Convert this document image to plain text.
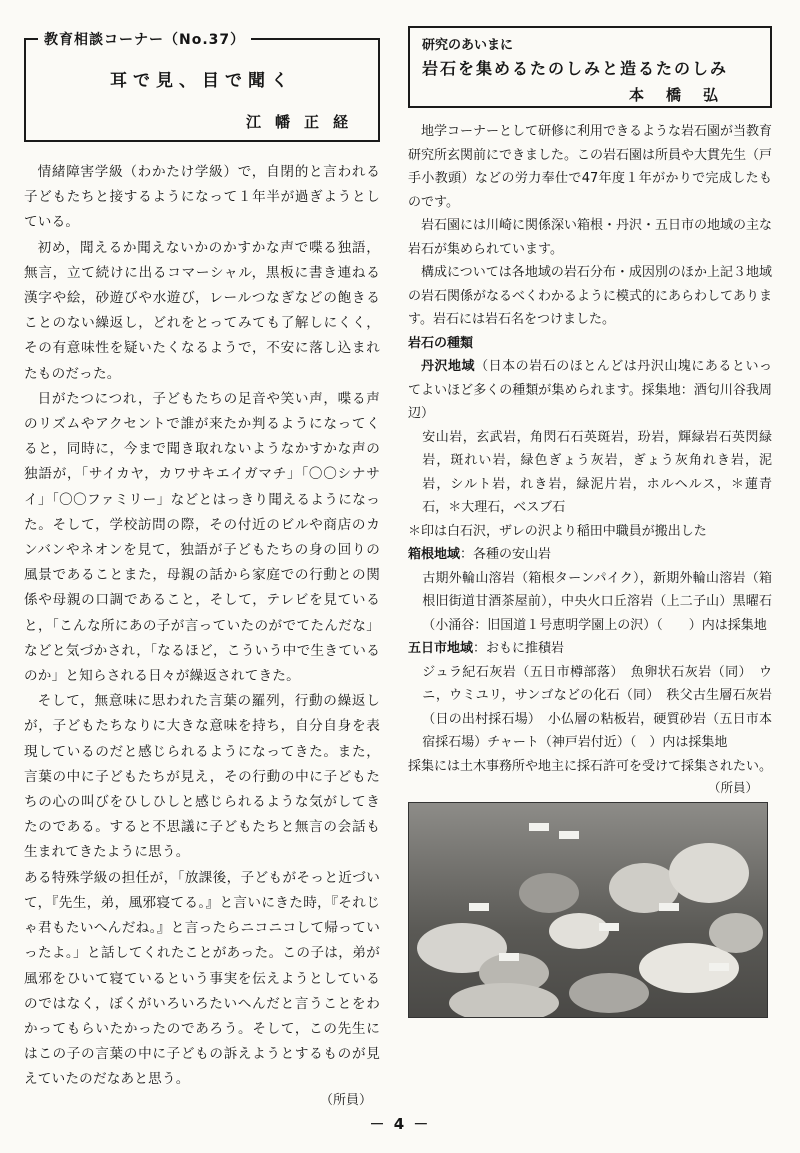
教育相談コーナー（No.37）
耳で見、目で聞く
江幡正経

情緒障害学級（わかたけ学級）で，自閉的と言われる子どもたちと接するようになって１年半が過ぎようとしている。

初め，聞えるか聞えないかのかすかな声で喋る独語，無言，立て続けに出るコマーシャル，黒板に書き連ねる漢字や絵，砂遊びや水遊び，レールつなぎなどの飽きることのない繰返し，どれをとってみても了解しにくく，その有意味性を疑いたくなるようで，不安に落し込まれたものだった。

日がたつにつれ，子どもたちの足音や笑い声，喋る声のリズムやアクセントで誰が来たか判るようになってくると，同時に，今まで聞き取れないようなかすかな声の独語が，「サイカヤ，カワサキエイガマチ」「〇〇シナサイ」「〇〇ファミリー」などとはっきり聞えるようになった。そして，学校訪問の際，その付近のビルや商店のカンバンやネオンを見て，独語が子どもたちの身の回りの風景であることまた，母親の話から家庭での行動との関係や母親の口調であること，そして，テレビを見ていると，「こんな所にあの子が言っていたのがでてたんだな」などと気づかされ，「なるほど，こういう中で生きているのか」と知らされる日々が繰返されてきた。

そして，無意味に思われた言葉の羅列，行動の繰返しが，子どもたちなりに大きな意味を持ち，自分自身を表現しているのだと感じられるようになってきた。また，言葉の中に子どもたちが見え，その行動の中に子どもたちの心の叫びをひしひしと感じられるような気がしてきたのである。すると不思議に子どもたちと無言の会話も生まれてきたように思う。

ある特殊学級の担任が，「放課後，子どもがそっと近づいて，『先生，弟，風邪寝てる。』と言いにきた時，『それじゃ君もたいへんだね。』と言ったらニコニコして帰っていったよ。」と話してくれたことがあった。この子は，弟が風邪をひいて寝ているという事実を伝えようとしているのではなく，ぼくがいろいろたいへんだと言うことをわかってもらいたかったのであろう。そして，この先生にはこの子の言葉の中に子どもの訴えようとするものが見えていたのだなあと思う。

（所員）
研究のあいまに
岩石を集めるたのしみと造るたのしみ
本橋弘

地学コーナーとして研修に利用できるような岩石園が当教育研究所玄関前にできました。この岩石園は所員や大貫先生（戸手小教頭）などの労力奉仕で47年度１年がかりで完成したものです。

岩石園には川崎に関係深い箱根・丹沢・五日市の地域の主な岩石が集められています。

構成については各地域の岩石分布・成因別のほか上記３地域の岩石関係がなるべくわかるように模式的にあらわしてあります。岩石には岩石名をつけました。

岩石の種類

丹沢地域（日本の岩石のほとんどは丹沢山塊にあるといってよいほど多くの種類が集められます。採集地：酒匂川谷我周辺）

安山岩，玄武岩，角閃石石英斑岩，玢岩，輝緑岩石英閃緑岩，斑れい岩，緑色ぎょう灰岩，ぎょう灰角れき岩，泥岩，シルト岩，れき岩，緑泥片岩，ホルヘルス，＊蓮青石，＊大理石，ベスブ石

＊印は白石沢，ザレの沢より稲田中職員が搬出した

箱根地域：各種の安山岩

古期外輪山溶岩（箱根ターンパイク），新期外輪山溶岩（箱根旧街道甘酒茶屋前），中央火口丘溶岩（上二子山）黒曜石（小涌谷：旧国道１号恵明学園上の沢）（　　）内は採集地

五日市地域：おもに推積岩

ジュラ紀石灰岩（五日市樽部落）　魚卵状石灰岩（同）　ウニ，ウミユリ，サンゴなどの化石（同）　秩父古生層石灰岩（日の出村採石場）　小仏層の粘板岩，硬質砂岩（五日市本宿採石場）チャート（神戸岩付近）（　）内は採集地

採集には土木事務所や地主に採石許可を受けて採集されたい。

（所員）
－ 4 －
